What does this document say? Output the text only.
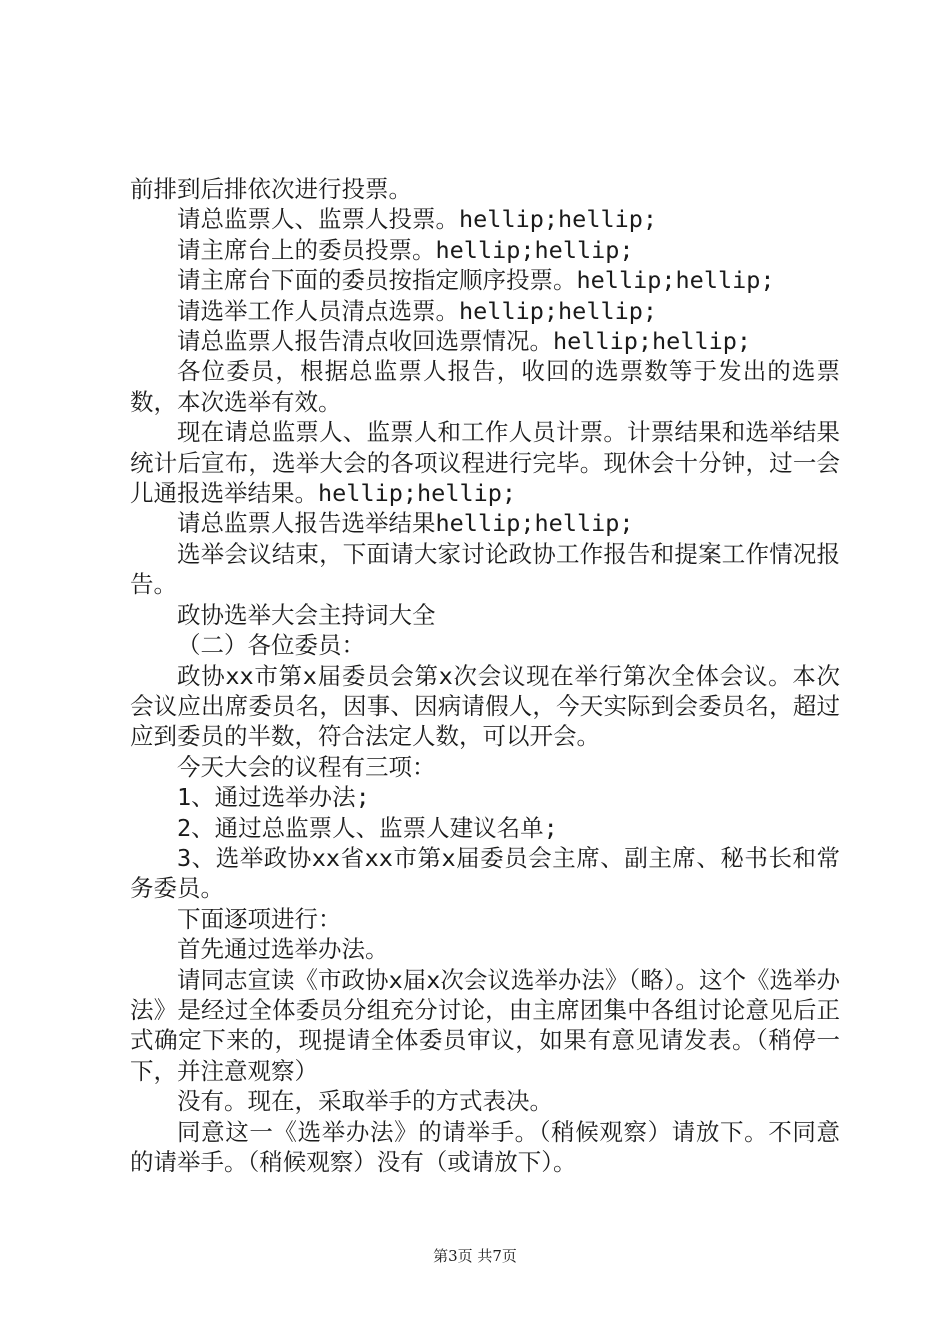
前排到后排依次进行投票。

请总监票人、监票人投票。hellip;hellip;

请主席台上的委员投票。hellip;hellip;

请主席台下面的委员按指定顺序投票。hellip;hellip;

请选举工作人员清点选票。hellip;hellip;

请总监票人报告清点收回选票情况。hellip;hellip;

各位委员，根据总监票人报告，收回的选票数等于发出的选票数，本次选举有效。

现在请总监票人、监票人和工作人员计票。计票结果和选举结果统计后宣布，选举大会的各项议程进行完毕。现休会十分钟，过一会儿通报选举结果。hellip;hellip;

请总监票人报告选举结果hellip;hellip;

选举会议结束，下面请大家讨论政协工作报告和提案工作情况报告。

政协选举大会主持词大全

（二）各位委员：

政协xx市第x届委员会第x次会议现在举行第次全体会议。本次会议应出席委员名，因事、因病请假人，今天实际到会委员名，超过应到委员的半数，符合法定人数，可以开会。

今天大会的议程有三项：

1、通过选举办法;

2、通过总监票人、监票人建议名单;

3、选举政协xx省xx市第x届委员会主席、副主席、秘书长和常务委员。

下面逐项进行：

首先通过选举办法。

请同志宣读《市政协x届x次会议选举办法》（略）。这个《选举办法》是经过全体委员分组充分讨论，由主席团集中各组讨论意见后正式确定下来的，现提请全体委员审议，如果有意见请发表。（稍停一下，并注意观察）

没有。现在，采取举手的方式表决。

同意这一《选举办法》的请举手。（稍候观察）请放下。不同意的请举手。（稍候观察）没有（或请放下）。

第3页 共7页
